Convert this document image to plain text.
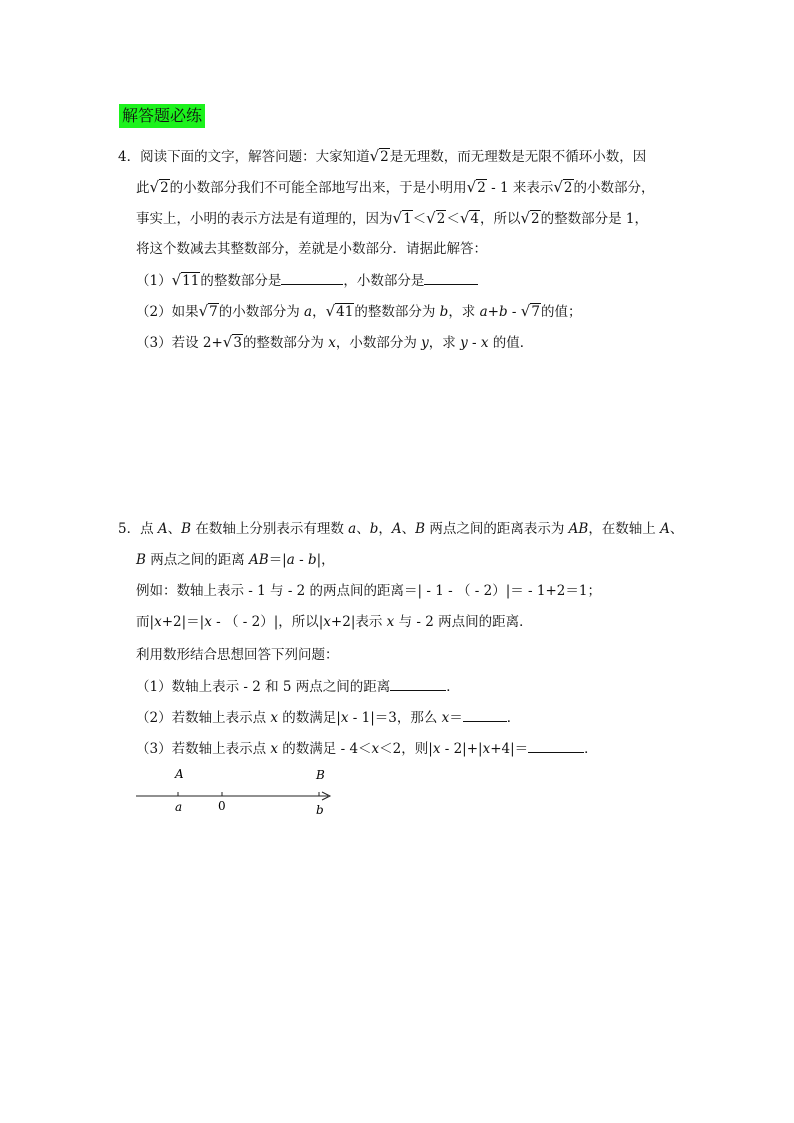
解答题必练
4．阅读下面的文字，解答问题：大家知道√2是无理数，而无理数是无限不循环小数，因
此√2的小数部分我们不可能全部地写出来，于是小明用√2 - 1 来表示√2的小数部分，
事实上，小明的表示方法是有道理的，因为√1＜√2＜√4，所以√2的整数部分是 1，
将这个数减去其整数部分，差就是小数部分．请据此解答：
（1）√11的整数部分是	，小数部分是
（2）如果√7的小数部分为 a，√41的整数部分为 b，求 a+b - √7的值；
（3）若设 2+√3的整数部分为 x，小数部分为 y，求 y - x 的值．
5．点 A、B 在数轴上分别表示有理数 a、b，A、B 两点之间的距离表示为 AB，在数轴上 A、
B 两点之间的距离 AB＝|a - b|，
例如：数轴上表示 - 1 与 - 2 的两点间的距离＝| - 1 - （ - 2）|＝ - 1+2＝1；
而|x+2|＝|x - （ - 2）|，所以|x+2|表示 x 与 - 2 两点间的距离．
利用数形结合思想回答下列问题：
（1）数轴上表示 - 2 和 5 两点之间的距离	．
（2）若数轴上表示点 x 的数满足|x - 1|＝3，那么 x＝	．
（3）若数轴上表示点 x 的数满足 - 4＜x＜2，则|x - 2|+|x+4|＝	．
A	B
a	0	b
